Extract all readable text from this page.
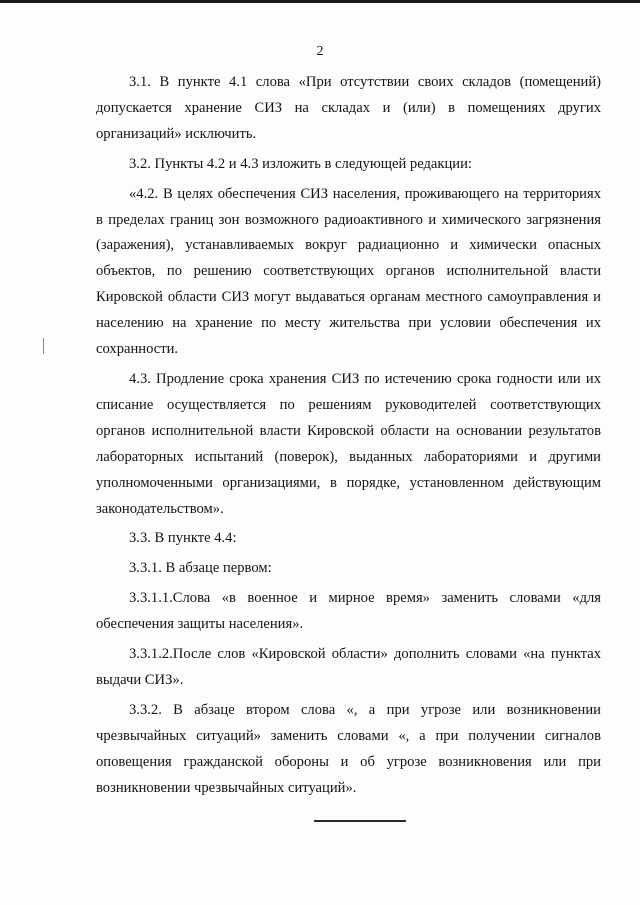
2

3.1. В пункте 4.1 слова «При отсутствии своих складов (помещений) допускается хранение СИЗ на складах и (или) в помещениях других организаций» исключить.

3.2. Пункты 4.2 и 4.3 изложить в следующей редакции:

«4.2. В целях обеспечения СИЗ населения, проживающего на территориях в пределах границ зон возможного радиоактивного и химического загрязнения (заражения), устанавливаемых вокруг радиационно и химически опасных объектов, по решению соответствующих органов исполнительной власти Кировской области СИЗ могут выдаваться органам местного самоуправления и населению на хранение по месту жительства при условии обеспечения их сохранности.

4.3. Продление срока хранения СИЗ по истечению срока годности или их списание осуществляется по решениям руководителей соответствующих органов исполнительной власти Кировской области на основании результатов лабораторных испытаний (поверок), выданных лабораториями и другими уполномоченными организациями, в порядке, установленном действующим законодательством».

3.3. В пункте 4.4:

3.3.1. В абзаце первом:

3.3.1.1.Слова «в военное и мирное время» заменить словами «для обеспечения защиты населения».

3.3.1.2.После слов «Кировской области» дополнить словами «на пунктах выдачи СИЗ».

3.3.2. В абзаце втором слова «, а при угрозе или возникновении чрезвычайных ситуаций» заменить словами «, а при получении сигналов оповещения гражданской обороны и об угрозе возникновения или при возникновении чрезвычайных ситуаций».
